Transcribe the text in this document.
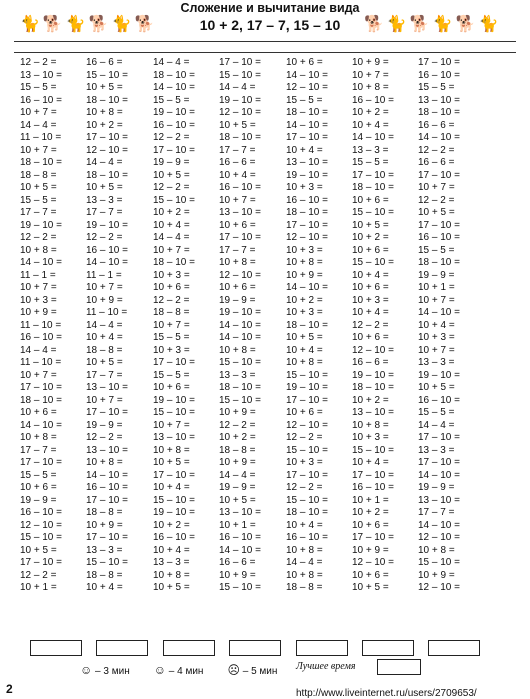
🐈 🐕 🐈 🐕 🐈 🐕
Сложение и вычитание вида
10 + 2, 17 – 7, 15 – 10	🐕 🐈 🐕 🐈 🐕 🐈
12 – 2 =
13 – 10 =
15 – 5 =
16 – 10 =
10 + 7 =
14 – 4 =
11 – 10 =
10 + 7 =
18 – 10 =
18 – 8 =
10 + 5 =
15 – 5 =
17 – 7 =
19 – 10 =
12 – 2 =
10 + 8 =
14 – 10 =
11 – 1 =
10 + 7 =
10 + 3 =
10 + 9 =
11 – 10 =
16 – 10 =
14 – 4 =
11 – 10 =
10 + 7 =
17 – 10 =
18 – 10 =
10 + 6 =
14 – 10 =
10 + 8 =
17 – 7 =
17 – 10 =
15 – 5 =
10 + 6 =
19 – 9 =
16 – 10 =
12 – 10 =
15 – 10 =
10 + 5 =
17 – 10 =
12 – 2 =
10 + 1 =
16 – 6 =
15 – 10 =
10 + 5 =
18 – 10 =
10 + 8 =
10 + 2 =
17 – 10 =
12 – 10 =
14 – 4 =
18 – 10 =
10 + 5 =
13 – 3 =
17 – 7 =
19 – 10 =
12 – 2 =
16 – 10 =
14 – 10 =
11 – 1 =
10 + 7 =
10 + 9 =
11 – 10 =
14 – 4 =
10 + 4 =
18 – 8 =
10 + 5 =
17 – 7 =
13 – 10 =
10 + 7 =
17 – 10 =
19 – 9 =
12 – 2 =
13 – 10 =
10 + 8 =
14 – 10 =
16 – 10 =
17 – 10 =
18 – 8 =
10 + 9 =
17 – 10 =
13 – 3 =
15 – 10 =
18 – 8 =
10 + 4 =
14 – 4 =
18 – 10 =
14 – 10 =
15 – 5 =
19 – 10 =
16 – 10 =
12 – 2 =
17 – 10 =
19 – 9 =
10 + 5 =
12 – 2 =
15 – 10 =
10 + 2 =
10 + 4 =
14 – 4 =
10 + 7 =
18 – 10 =
10 + 3 =
10 + 6 =
12 – 2 =
18 – 8 =
10 + 7 =
15 – 5 =
10 + 3 =
17 – 10 =
15 – 5 =
10 + 6 =
19 – 10 =
15 – 10 =
10 + 7 =
13 – 10 =
10 + 8 =
10 + 5 =
17 – 10 =
10 + 4 =
15 – 10 =
19 – 10 =
10 + 2 =
16 – 10 =
10 + 4 =
13 – 3 =
10 + 8 =
10 + 5 =
17 – 10 =
15 – 10 =
14 – 4 =
19 – 10 =
12 – 10 =
10 + 5 =
18 – 10 =
17 – 7 =
16 – 6 =
10 + 4 =
16 – 10 =
10 + 7 =
13 – 10 =
10 + 6 =
17 – 10 =
17 – 7 =
10 + 8 =
12 – 10 =
10 + 6 =
19 – 9 =
19 – 10 =
14 – 10 =
14 – 10 =
10 + 8 =
15 – 10 =
13 – 3 =
18 – 10 =
15 – 10 =
10 + 9 =
12 – 2 =
10 + 2 =
18 – 8 =
10 + 9 =
14 – 4 =
19 – 9 =
10 + 5 =
13 – 10 =
10 + 1 =
16 – 10 =
14 – 10 =
16 – 6 =
10 + 9 =
15 – 10 =
10 + 6 =
14 – 10 =
12 – 10 =
15 – 5 =
18 – 10 =
14 – 10 =
17 – 10 =
10 + 4 =
13 – 10 =
19 – 10 =
10 + 3 =
16 – 10 =
18 – 10 =
17 – 10 =
12 – 10 =
10 + 3 =
10 + 8 =
10 + 9 =
14 – 10 =
10 + 2 =
10 + 3 =
18 – 10 =
10 + 5 =
10 + 4 =
10 + 8 =
15 – 10 =
19 – 10 =
17 – 10 =
10 + 6 =
12 – 10 =
12 – 2 =
15 – 10 =
10 + 3 =
17 – 10 =
12 – 2 =
15 – 10 =
18 – 10 =
10 + 4 =
16 – 10 =
10 + 8 =
14 – 4 =
10 + 8 =
18 – 8 =
10 + 9 =
10 + 7 =
10 + 8 =
16 – 10 =
10 + 2 =
10 + 4 =
14 – 10 =
13 – 3 =
15 – 5 =
17 – 10 =
18 – 10 =
10 + 6 =
15 – 10 =
10 + 5 =
10 + 2 =
10 + 6 =
15 – 10 =
10 + 4 =
10 + 6 =
10 + 3 =
10 + 4 =
12 – 2 =
10 + 6 =
12 – 10 =
16 – 6 =
19 – 10 =
18 – 10 =
10 + 2 =
13 – 10 =
10 + 8 =
10 + 3 =
15 – 10 =
10 + 4 =
17 – 10 =
16 – 10 =
10 + 1 =
10 + 2 =
10 + 6 =
17 – 10 =
10 + 9 =
12 – 10 =
10 + 6 =
10 + 5 =
17 – 10 =
16 – 10 =
15 – 5 =
13 – 10 =
18 – 10 =
16 – 6 =
14 – 10 =
12 – 2 =
16 – 6 =
17 – 10 =
10 + 7 =
12 – 2 =
10 + 5 =
17 – 10 =
16 – 10 =
15 – 5 =
18 – 10 =
19 – 9 =
10 + 1 =
10 + 7 =
14 – 10 =
10 + 4 =
10 + 3 =
10 + 7 =
13 – 3 =
19 – 10 =
10 + 5 =
16 – 10 =
15 – 5 =
14 – 4 =
17 – 10 =
13 – 3 =
17 – 10 =
14 – 10 =
19 – 9 =
13 – 10 =
17 – 7 =
14 – 10 =
12 – 10 =
10 + 8 =
15 – 10 =
10 + 9 =
12 – 10 =
☺ – 3 мин ☺ – 4 мин ☹ – 5 мин Лучшее время
2	http://www.liveinternet.ru/users/2709653/
